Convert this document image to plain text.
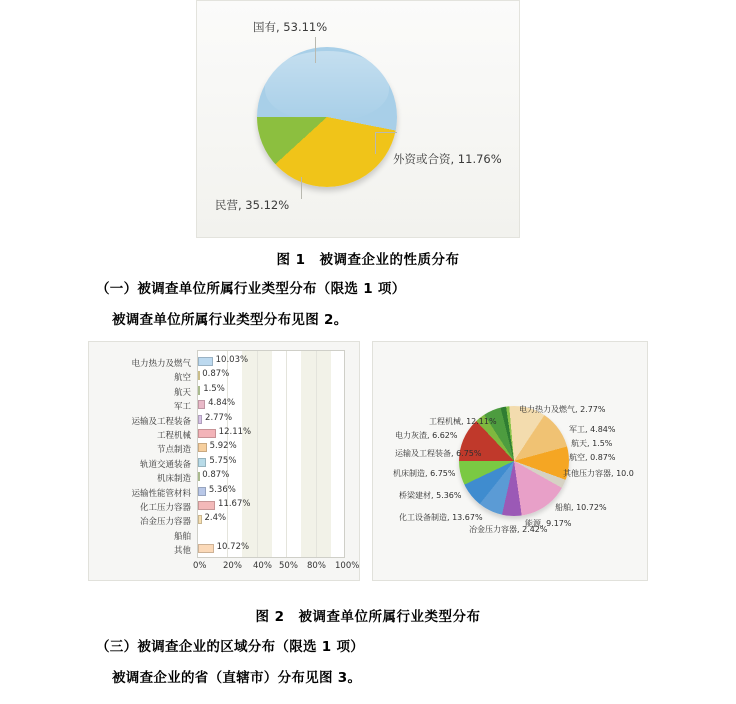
国有, 53.11%
外资或合资, 11.76%
民营, 35.12%
图 1　被调查企业的性质分布
（一）被调查单位所属行业类型分布（限选 1 项）
被调查单位所属行业类型分布见图 2。
10.03%
0.87%
1.5%
4.84%
2.77%
12.11%
5.92%
5.75%
0.87%
5.36%
11.67%
2.4%
10.72%
电力热力及燃气
航空
航天
军工
运输及工程装备
工程机械
节点制造
轨道交通装备
机床制造
运输性能管材料
化工压力容器
冶金压力容器
船舶
其他
0% 20% 40% 50% 80% 100%
工程机械, 12.11%
电力热力及燃气, 2.77%
军工, 4.84%
航天, 1.5%
航空, 0.87%
其他压力容器, 10.0
船舶, 10.72%
能源, 9.17%
冶金压力容器, 2.42%
化工设备制造, 13.67%
桥梁建材, 5.36%
机床制造, 6.75%
运输及工程装备, 6.75%
电力灰渣, 6.62%
图 2　被调查单位所属行业类型分布
（三）被调查企业的区域分布（限选 1 项）
被调查企业的省（直辖市）分布见图 3。
